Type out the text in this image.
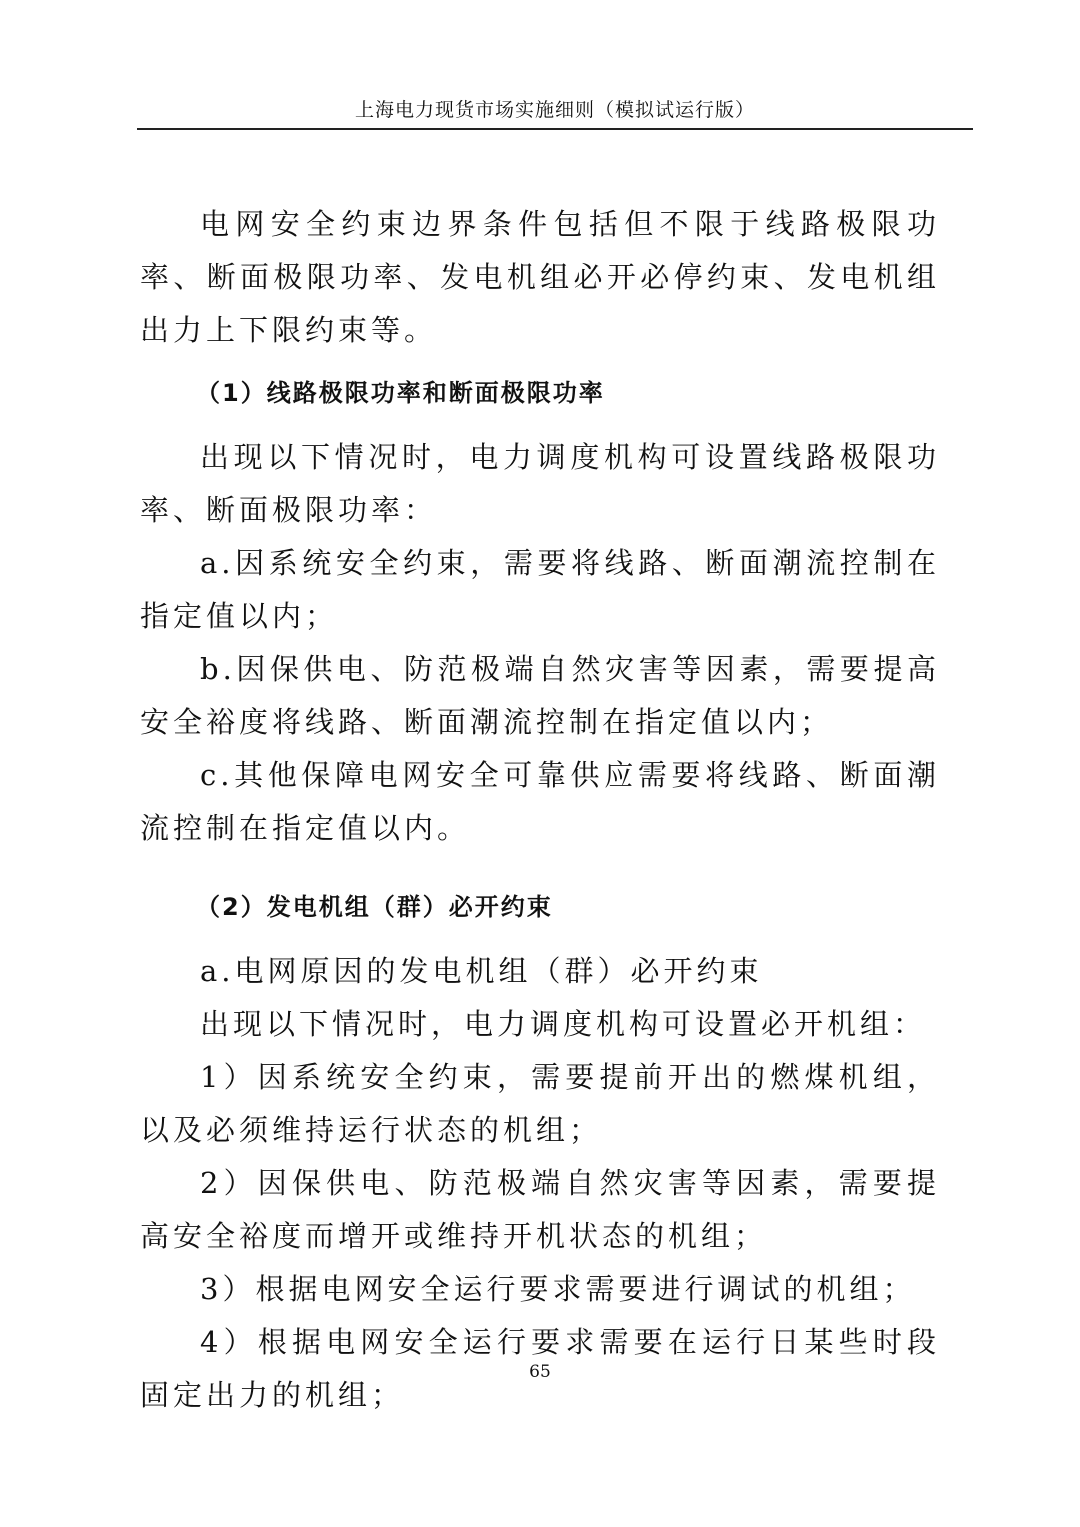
上海电力现货市场实施细则（模拟试运行版）

电网安全约束边界条件包括但不限于线路极限功率、断面极限功率、发电机组必开必停约束、发电机组出力上下限约束等。

（1）线路极限功率和断面极限功率

出现以下情况时，电力调度机构可设置线路极限功率、断面极限功率：

a.因系统安全约束，需要将线路、断面潮流控制在指定值以内；

b.因保供电、防范极端自然灾害等因素，需要提高安全裕度将线路、断面潮流控制在指定值以内；

c.其他保障电网安全可靠供应需要将线路、断面潮流控制在指定值以内。

（2）发电机组（群）必开约束

a.电网原因的发电机组（群）必开约束

出现以下情况时，电力调度机构可设置必开机组：

1）因系统安全约束，需要提前开出的燃煤机组，以及必须维持运行状态的机组；

2）因保供电、防范极端自然灾害等因素，需要提高安全裕度而增开或维持开机状态的机组；

3）根据电网安全运行要求需要进行调试的机组；

4）根据电网安全运行要求需要在运行日某些时段固定出力的机组；

65
